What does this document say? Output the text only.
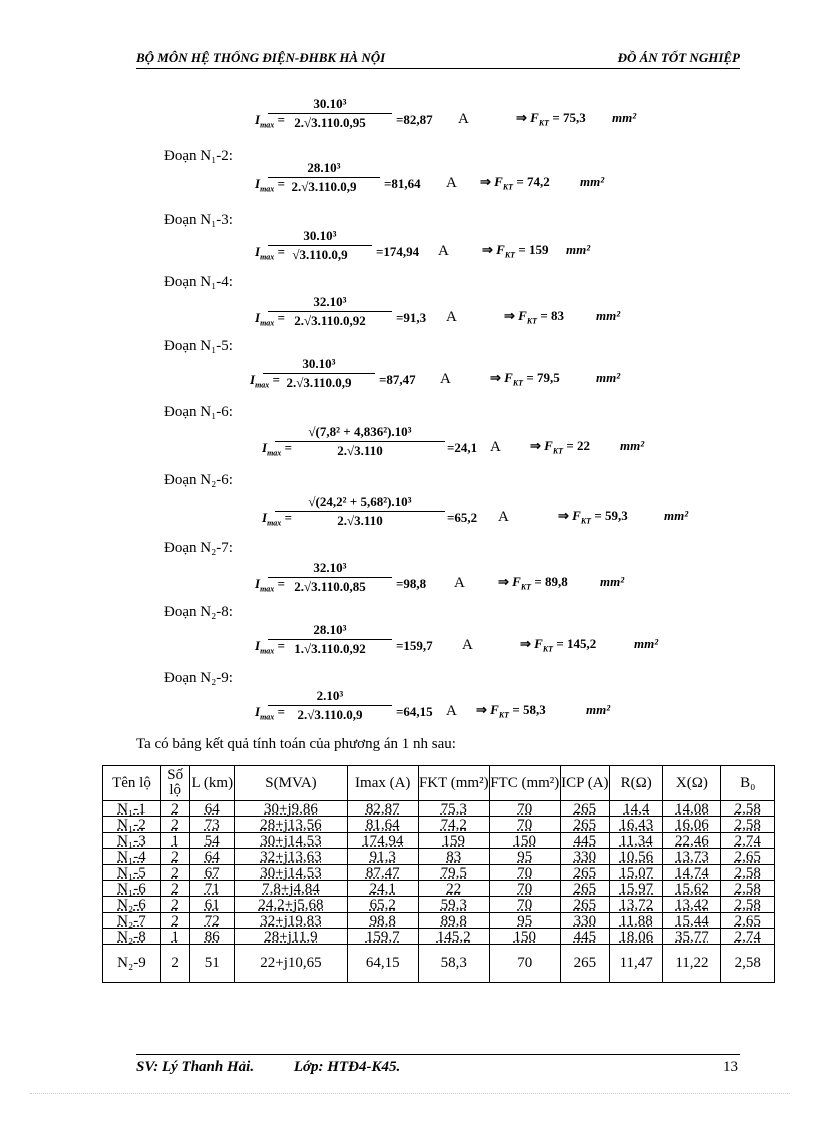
BỘ MÔN HỆ THỐNG ĐIỆN-ĐHBK HÀ NỘI	ĐỒ ÁN TỐT NGHIỆP
$I_{max}$ =
$\frac{\text{30.10³}}{2.√3.110.0,95} =82,87$ A	⇒ $F_{KT} = 75,3$ mm²
Đoạn N₁-2:
$I_{max}$ =
$\frac{\text{28.10³}}{2.√3.110.0,9} =81,64$ A ⇒ $F_{KT} = 74,2$ mm²
Đoạn N₁-3:
$I_{max}$ =
$\frac{\text{30.10³}}{√3.110.0,9} =174,94$ A	⇒ $F_{KT} = 159$ mm²
Đoạn N₁-4:
$I_{max}$ =
$\frac{\text{32.10³}}{2.√3.110.0,92} =91,3$ A	⇒ $F_{KT} = 83$ mm²
Đoạn N₁-5:
$I_{max}$ =
$\frac{\text{30.10³}}{2.√3.110.0,9} =87,47$ A	⇒ $F_{KT} = 79,5$	mm²
Đoạn N₁-6:
$I_{max}$ =
$\frac{\text{√(7,8² + 4,836²).10³}}{2.√3.110} =24,1$ A ⇒ $F_{KT} = 22$ mm²
Đoạn N₂-6:
$I_{max}$ =
$\frac{\text{√(24,2² + 5,68²).10³}}{2.√3.110} =65,2$ A	⇒ $F_{KT} = 59,3$	mm²
Đoạn N₂-7:
$I_{max}$ =
$\frac{\text{32.10³}}{2.√3.110.0,85} =98,8$ A	⇒ $F_{KT} = 89,8$ mm²
Đoạn N₂-8:
$I_{max}$ =
$\frac{\text{28.10³}}{1.√3.110.0,92} =159,7$ A	⇒ $F_{KT} = 145,2$	mm²
Đoạn N₂-9:
$I_{max}$ =
$\frac{\text{2.10³}}{2.√3.110.0,9} =64,15$ A ⇒ $F_{KT} = 58,3$	mm²
Ta có bảng kết quả tính toán của phương án 1 nh sau:
Tên lộ	Số lộ	L (km)	S(MVA)	Imax (A)	FKT (mm²)	FTC (mm²)	ICP (A)	R(Ω)	X(Ω)	B₀
N₁-1	2	64	30+j9,86	82,87	75,3	70	265	14,4	14,08	2,58
N₁-2	2	73	28+j13,56	81,64	74,2	70	265	16,43	16,06	2,58
N₁-3	1	54	30+j14,53	174,94	159	150	445	11,34	22,46	2,74
N₁-4	2	64	32+j13,63	91,3	83	95	330	10,56	13,73	2,65
N₁-5	2	67	30+j14,53	87,47	79,5	70	265	15,07	14,74	2,58
N₁-6	2	71	7,8+j4,84	24,1	22	70	265	15,97	15,62	2,58
N₂-6	2	61	24,2+j5,68	65,2	59,3	70	265	13,72	13,42	2,58
N₂-7	2	72	32+j19,83	98,8	89,8	95	330	11,88	15,44	2,65
N₂-8	1	86	28+j11,9	159,7	145,2	150	445	18,06	35,77	2,74
N₂-9	2	51	22+j10,65	64,15	58,3	70	265	11,47	11,22	2,58
SV: Lý Thanh Hải.	Lớp: HTĐ4-K45.	13
